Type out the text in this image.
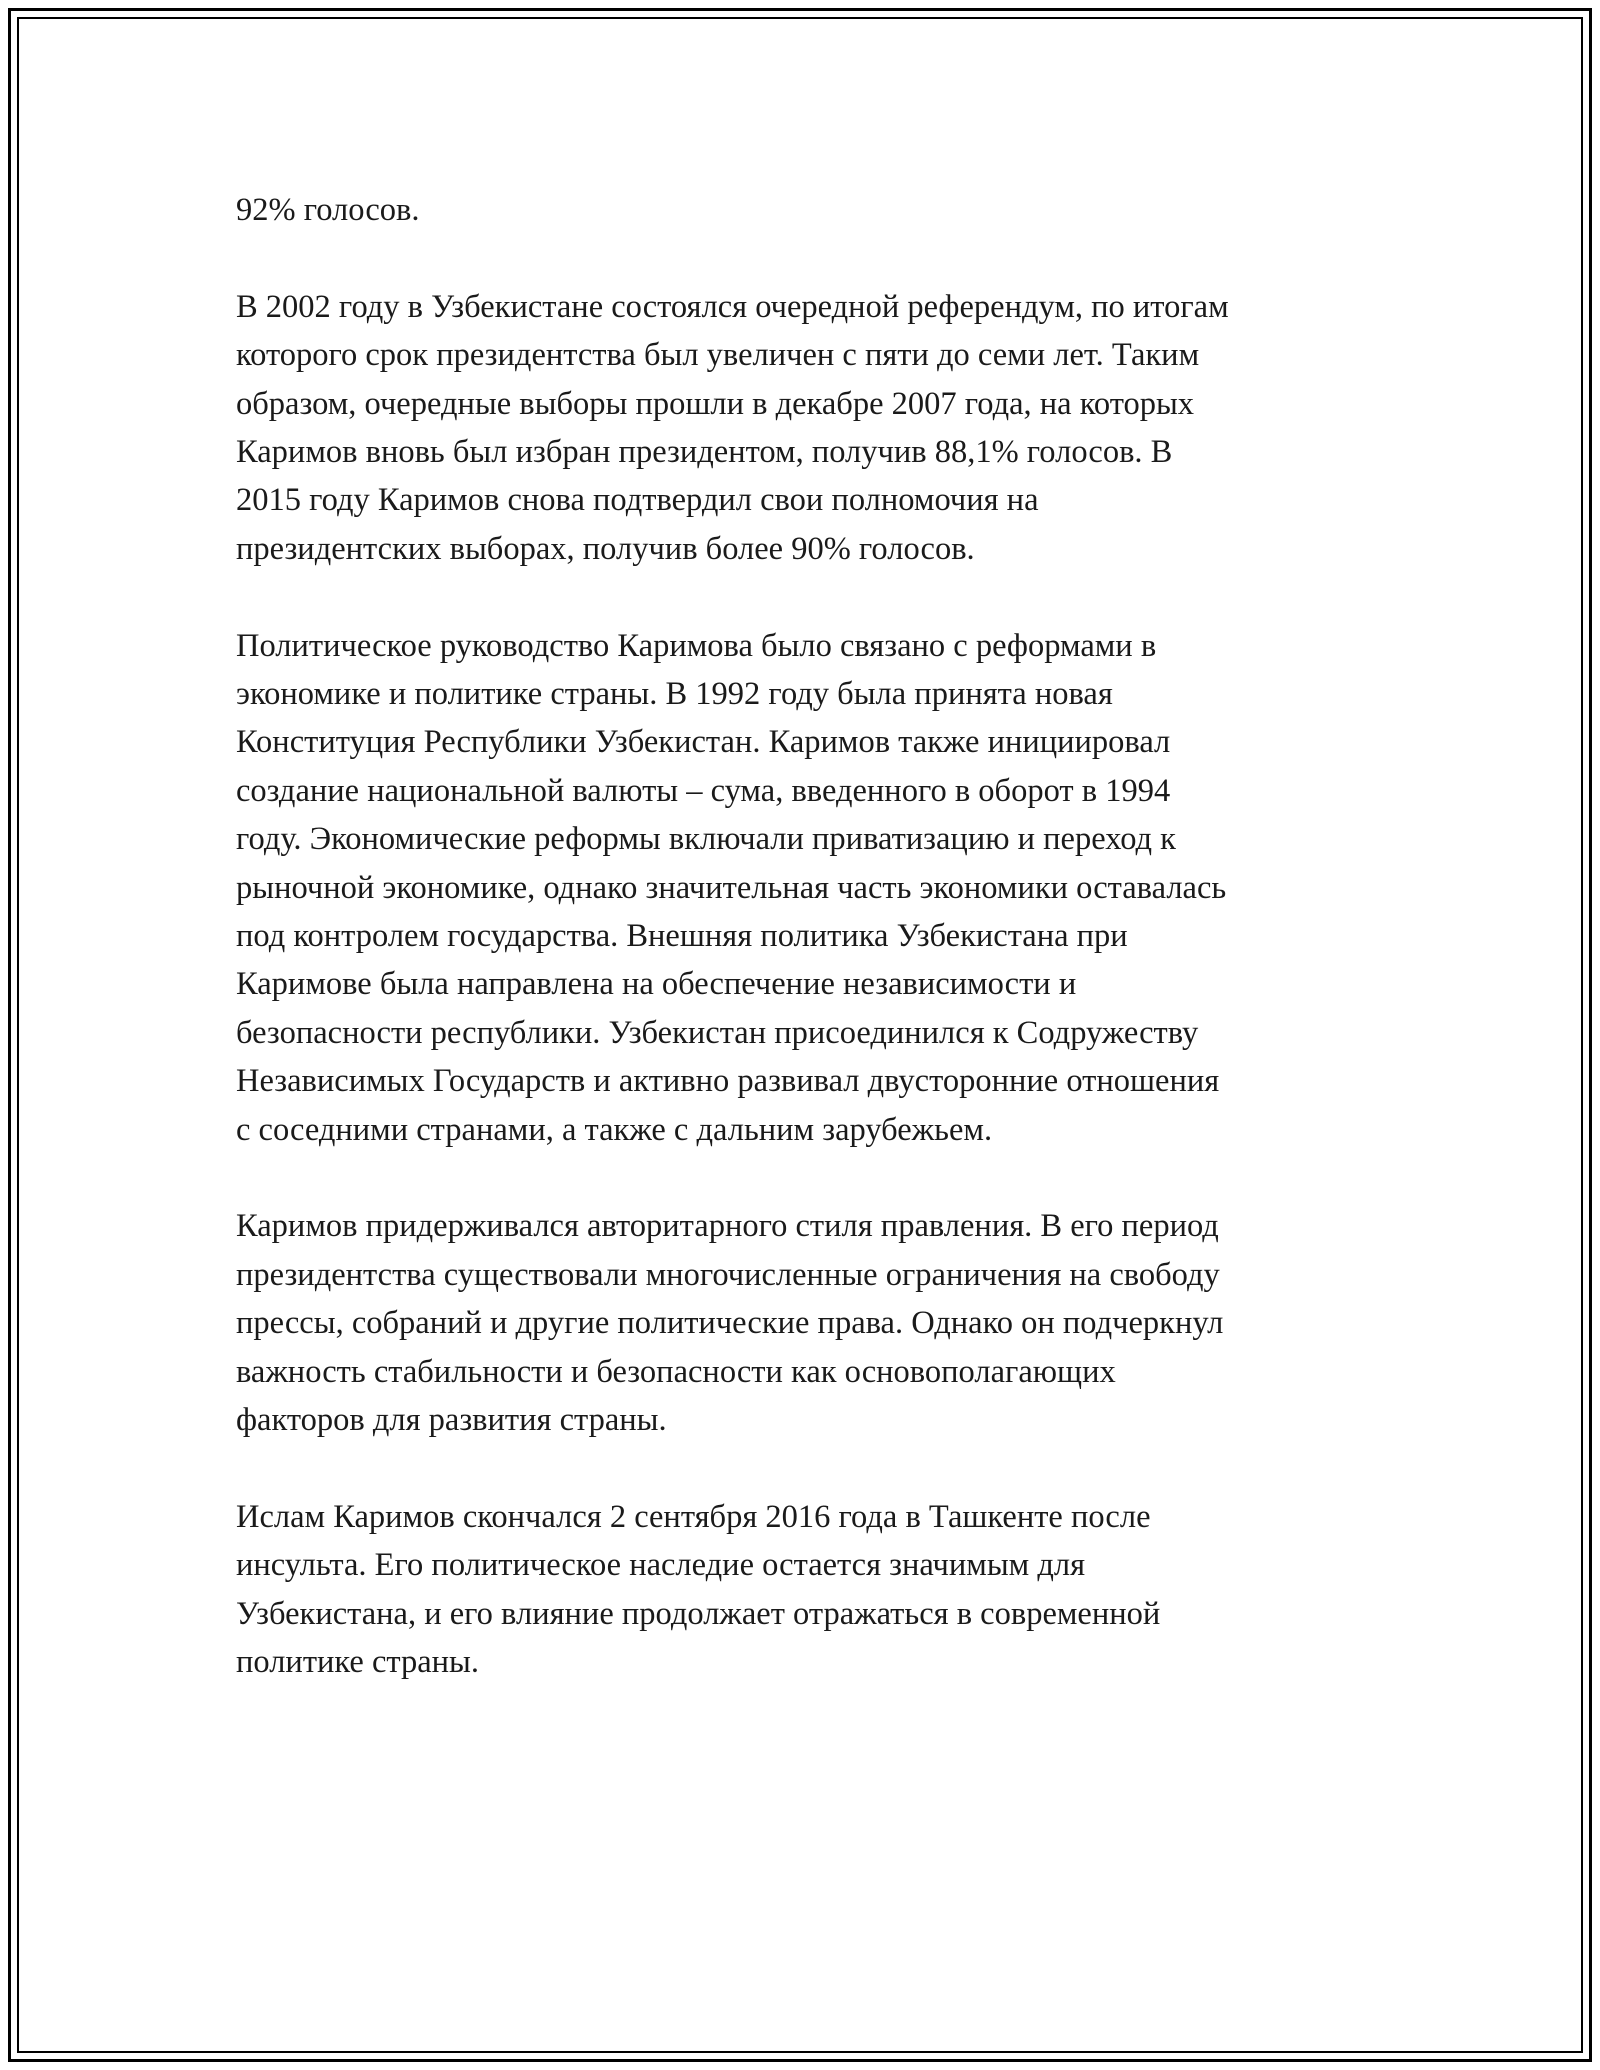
92% голосов.

В 2002 году в Узбекистане состоялся очередной референдум, по итогам
которого срок президентства был увеличен с пяти до семи лет. Таким
образом, очередные выборы прошли в декабре 2007 года, на которых
Каримов вновь был избран президентом, получив 88,1% голосов. В
2015 году Каримов снова подтвердил свои полномочия на
президентских выборах, получив более 90% голосов.

Политическое руководство Каримова было связано с реформами в
экономике и политике страны. В 1992 году была принята новая
Конституция Республики Узбекистан. Каримов также инициировал
создание национальной валюты – сума, введенного в оборот в 1994
году. Экономические реформы включали приватизацию и переход к
рыночной экономике, однако значительная часть экономики оставалась
под контролем государства. Внешняя политика Узбекистана при
Каримове была направлена на обеспечение независимости и
безопасности республики. Узбекистан присоединился к Содружеству
Независимых Государств и активно развивал двусторонние отношения
с соседними странами, а также с дальним зарубежьем.

Каримов придерживался авторитарного стиля правления. В его период
президентства существовали многочисленные ограничения на свободу
прессы, собраний и другие политические права. Однако он подчеркнул
важность стабильности и безопасности как основополагающих
факторов для развития страны.

Ислам Каримов скончался 2 сентября 2016 года в Ташкенте после
инсульта. Его политическое наследие остается значимым для
Узбекистана, и его влияние продолжает отражаться в современной
политике страны.
